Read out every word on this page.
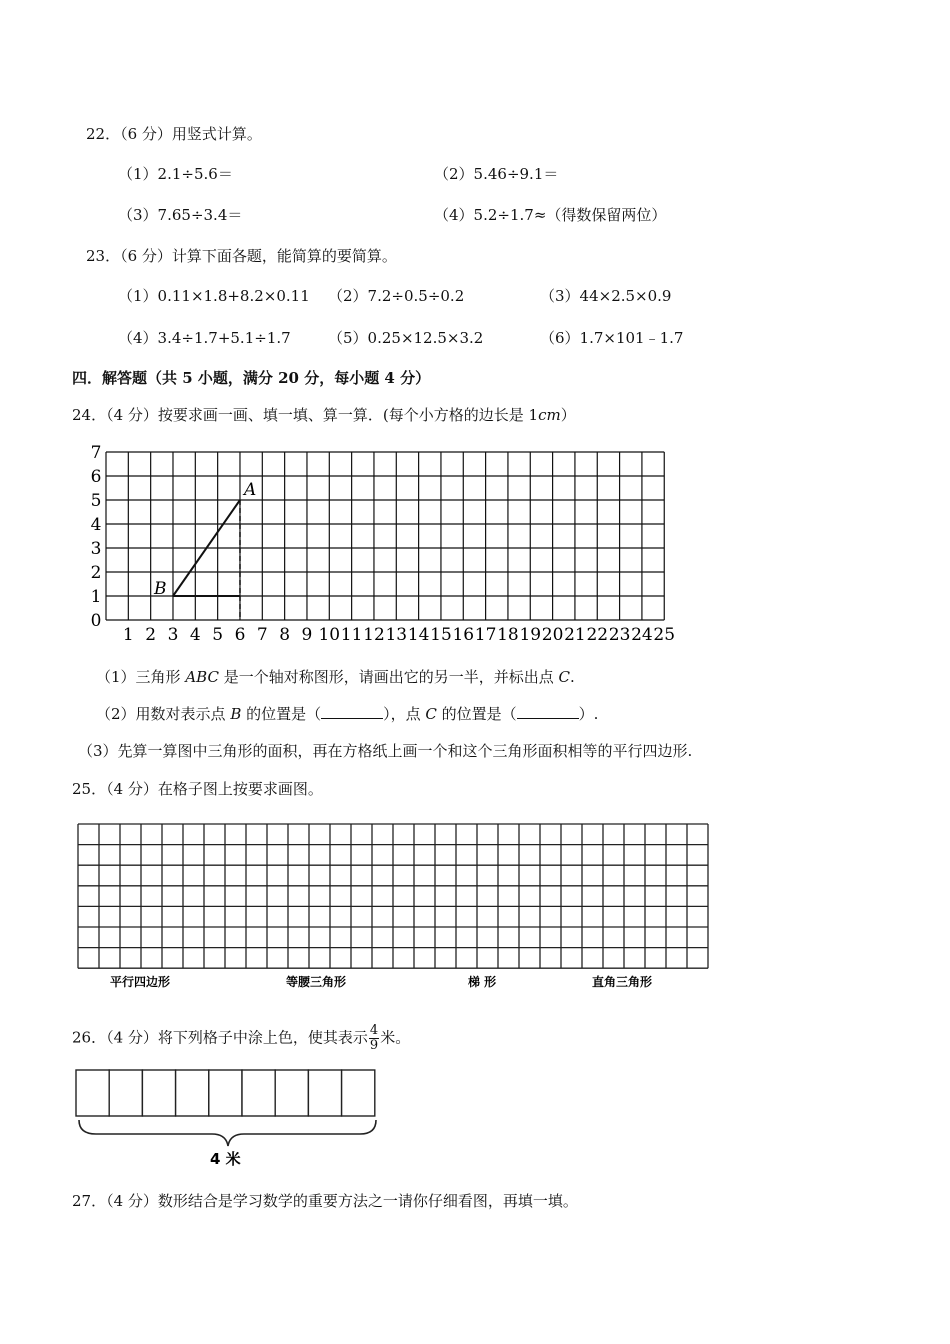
22．（6 分）用竖式计算。
（1）2.1÷5.6＝	（2）5.46÷9.1＝
（3）7.65÷3.4＝	（4）5.2÷1.7≈（得数保留两位）
23．（6 分）计算下面各题，能简算的要简算。
（1）0.11×1.8+8.2×0.11 （2）7.2÷0.5÷0.2	（3）44×2.5×0.9
（4）3.4÷1.7+5.1÷1.7 （5）0.25×12.5×3.2	（6）1.7×101﹣1.7
四．解答题（共 5 小题，满分 20 分，每小题 4 分）
24．（4 分）按要求画一画、填一填、算一算．(每个小方格的边长是 1cm）
0
1
2
3
4
5
6
7
1 2 3 4 5 6 7 8 9 10 11 12 13 14 15 16 17 18 19 20 21 22 23 24 25
A
B
（1）三角形 ABC 是一个轴对称图形，请画出它的另一半，并标出点 C.
（2）用数对表示点 B 的位置是（	），点 C 的位置是（	）.
（3）先算一算图中三角形的面积，再在方格纸上画一个和这个三角形面积相等的平行四边形.
25．（4 分）在格子图上按要求画图。
平行四边形	等腰三角形	梯 形	直角三角形
26．（4 分）将下列格子中涂上色，使其表示 $\frac{4}{9}$ 米。
4 米
27．（4 分）数形结合是学习数学的重要方法之一请你仔细看图，再填一填。
